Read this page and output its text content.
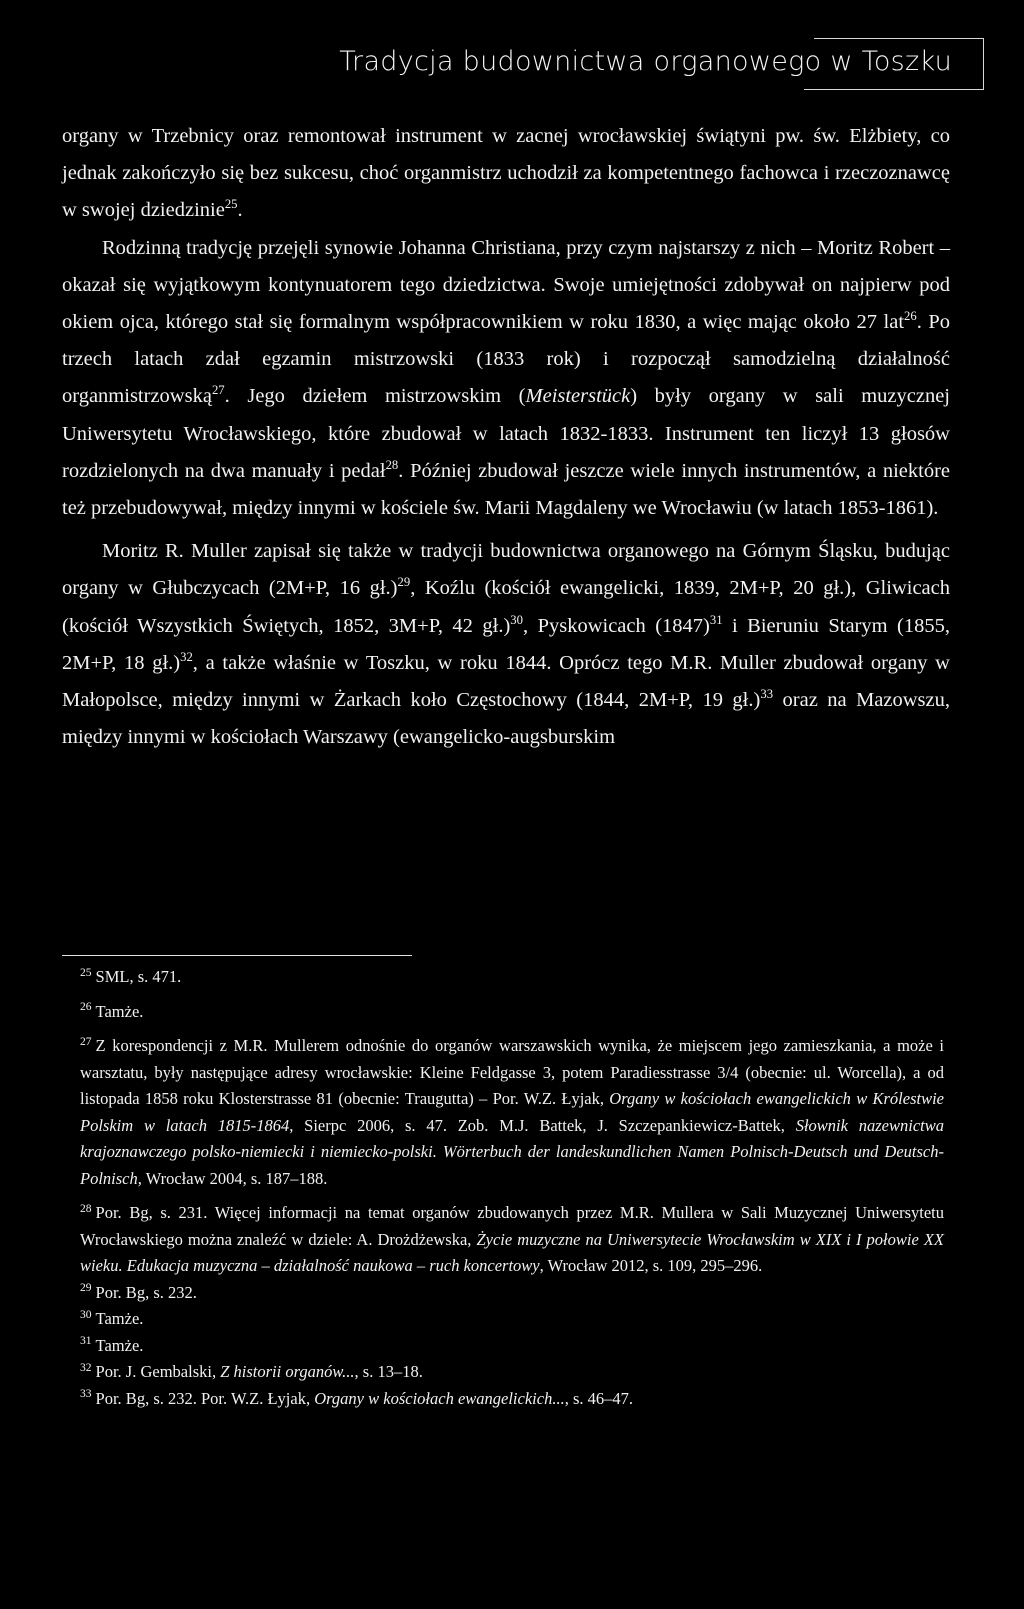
Tradycja budownictwa organowego w Toszku

organy w Trzebnicy oraz remontował instrument w zacnej wrocławskiej świątyni pw. św. Elżbiety, co jednak zakończyło się bez sukcesu, choć organmistrz uchodził za kompetentnego fachowca i rzeczoznawcę w swojej dziedzinie$^{25}$.

Rodzinną tradycję przejęli synowie Johanna Christiana, przy czym najstarszy z nich – Moritz Robert – okazał się wyjątkowym kontynuatorem tego dziedzictwa. Swoje umiejętności zdobywał on najpierw pod okiem ojca, którego stał się formalnym współpracownikiem w roku 1830, a więc mając około 27 lat$^{26}$. Po trzech latach zdał egzamin mistrzowski (1833 rok) i rozpoczął samodzielną działalność organmistrzowską$^{27}$. Jego dziełem mistrzowskim (Meisterstück) były organy w sali muzycznej Uniwersytetu Wrocławskiego, które zbudował w latach 1832-1833. Instrument ten liczył 13 głosów rozdzielonych na dwa manuały i pedał$^{28}$. Później zbudował jeszcze wiele innych instrumentów, a niektóre też przebudowywał, między innymi w kościele św. Marii Magdaleny we Wrocławiu (w latach 1853-1861).

Moritz R. Muller zapisał się także w tradycji budownictwa organowego na Górnym Śląsku, budując organy w Głubczycach (2M+P, 16 gł.)$^{29}$, Koźlu (kościół ewangelicki, 1839, 2M+P, 20 gł.), Gliwicach (kościół Wszystkich Świętych, 1852, 3M+P, 42 gł.)$^{30}$, Pyskowicach $(1847)^{31}$ i Bieruniu Starym (1855, 2M+P, 18 gł.)$^{32}$, a także właśnie w Toszku, w roku 1844. Oprócz tego M.R. Muller zbudował organy w Małopolsce, między innymi w Żarkach koło Częstochowy (1844, 2M+P, 19 gł.)$^{33}$ oraz na Mazowszu, między innymi w kościołach Warszawy (ewangelicko-augsburskim

$^{25}$ SML, s. 471.

$^{26}$ Tamże.

$^{27}$ Z korespondencji z M.R. Mullerem odnośnie do organów warszawskich wynika, że miejscem jego zamieszkania, a może i warsztatu, były następujące adresy wrocławskie: Kleine Feldgasse 3, potem Paradiesstrasse 3/4 (obecnie: ul. Worcella), a od listopada 1858 roku Klosterstrasse 81 (obecnie: Traugutta) – Por. W.Z. Łyjak, Organy w kościołach ewangelickich w Królestwie Polskim w latach 1815-1864, Sierpc 2006, s. 47. Zob. M.J. Battek, J. Szczepankiewicz-Battek, Słownik nazewnictwa krajoznawczego polsko-niemiecki i niemiecko-polski. Wörterbuch der landeskundlichen Namen Polnisch-Deutsch und Deutsch-Polnisch, Wrocław 2004, s. 187–188.

$^{28}$ Por. Bg, s. 231. Więcej informacji na temat organów zbudowanych przez M.R. Mullera w Sali Muzycznej Uniwersytetu Wrocławskiego można znaleźć w dziele: A. Drożdżewska, Życie muzyczne na Uniwersytecie Wrocławskim w XIX i I połowie XX wieku. Edukacja muzyczna – działalność naukowa – ruch koncertowy, Wrocław 2012, s. 109, 295–296.

$^{29}$ Por. Bg, s. 232.

$^{30}$ Tamże.

$^{31}$ Tamże.

$^{32}$ Por. J. Gembalski, Z historii organów..., s. 13–18.

$^{33}$ Por. Bg, s. 232. Por. W.Z. Łyjak, Organy w kościołach ewangelickich..., s. 46–47.
